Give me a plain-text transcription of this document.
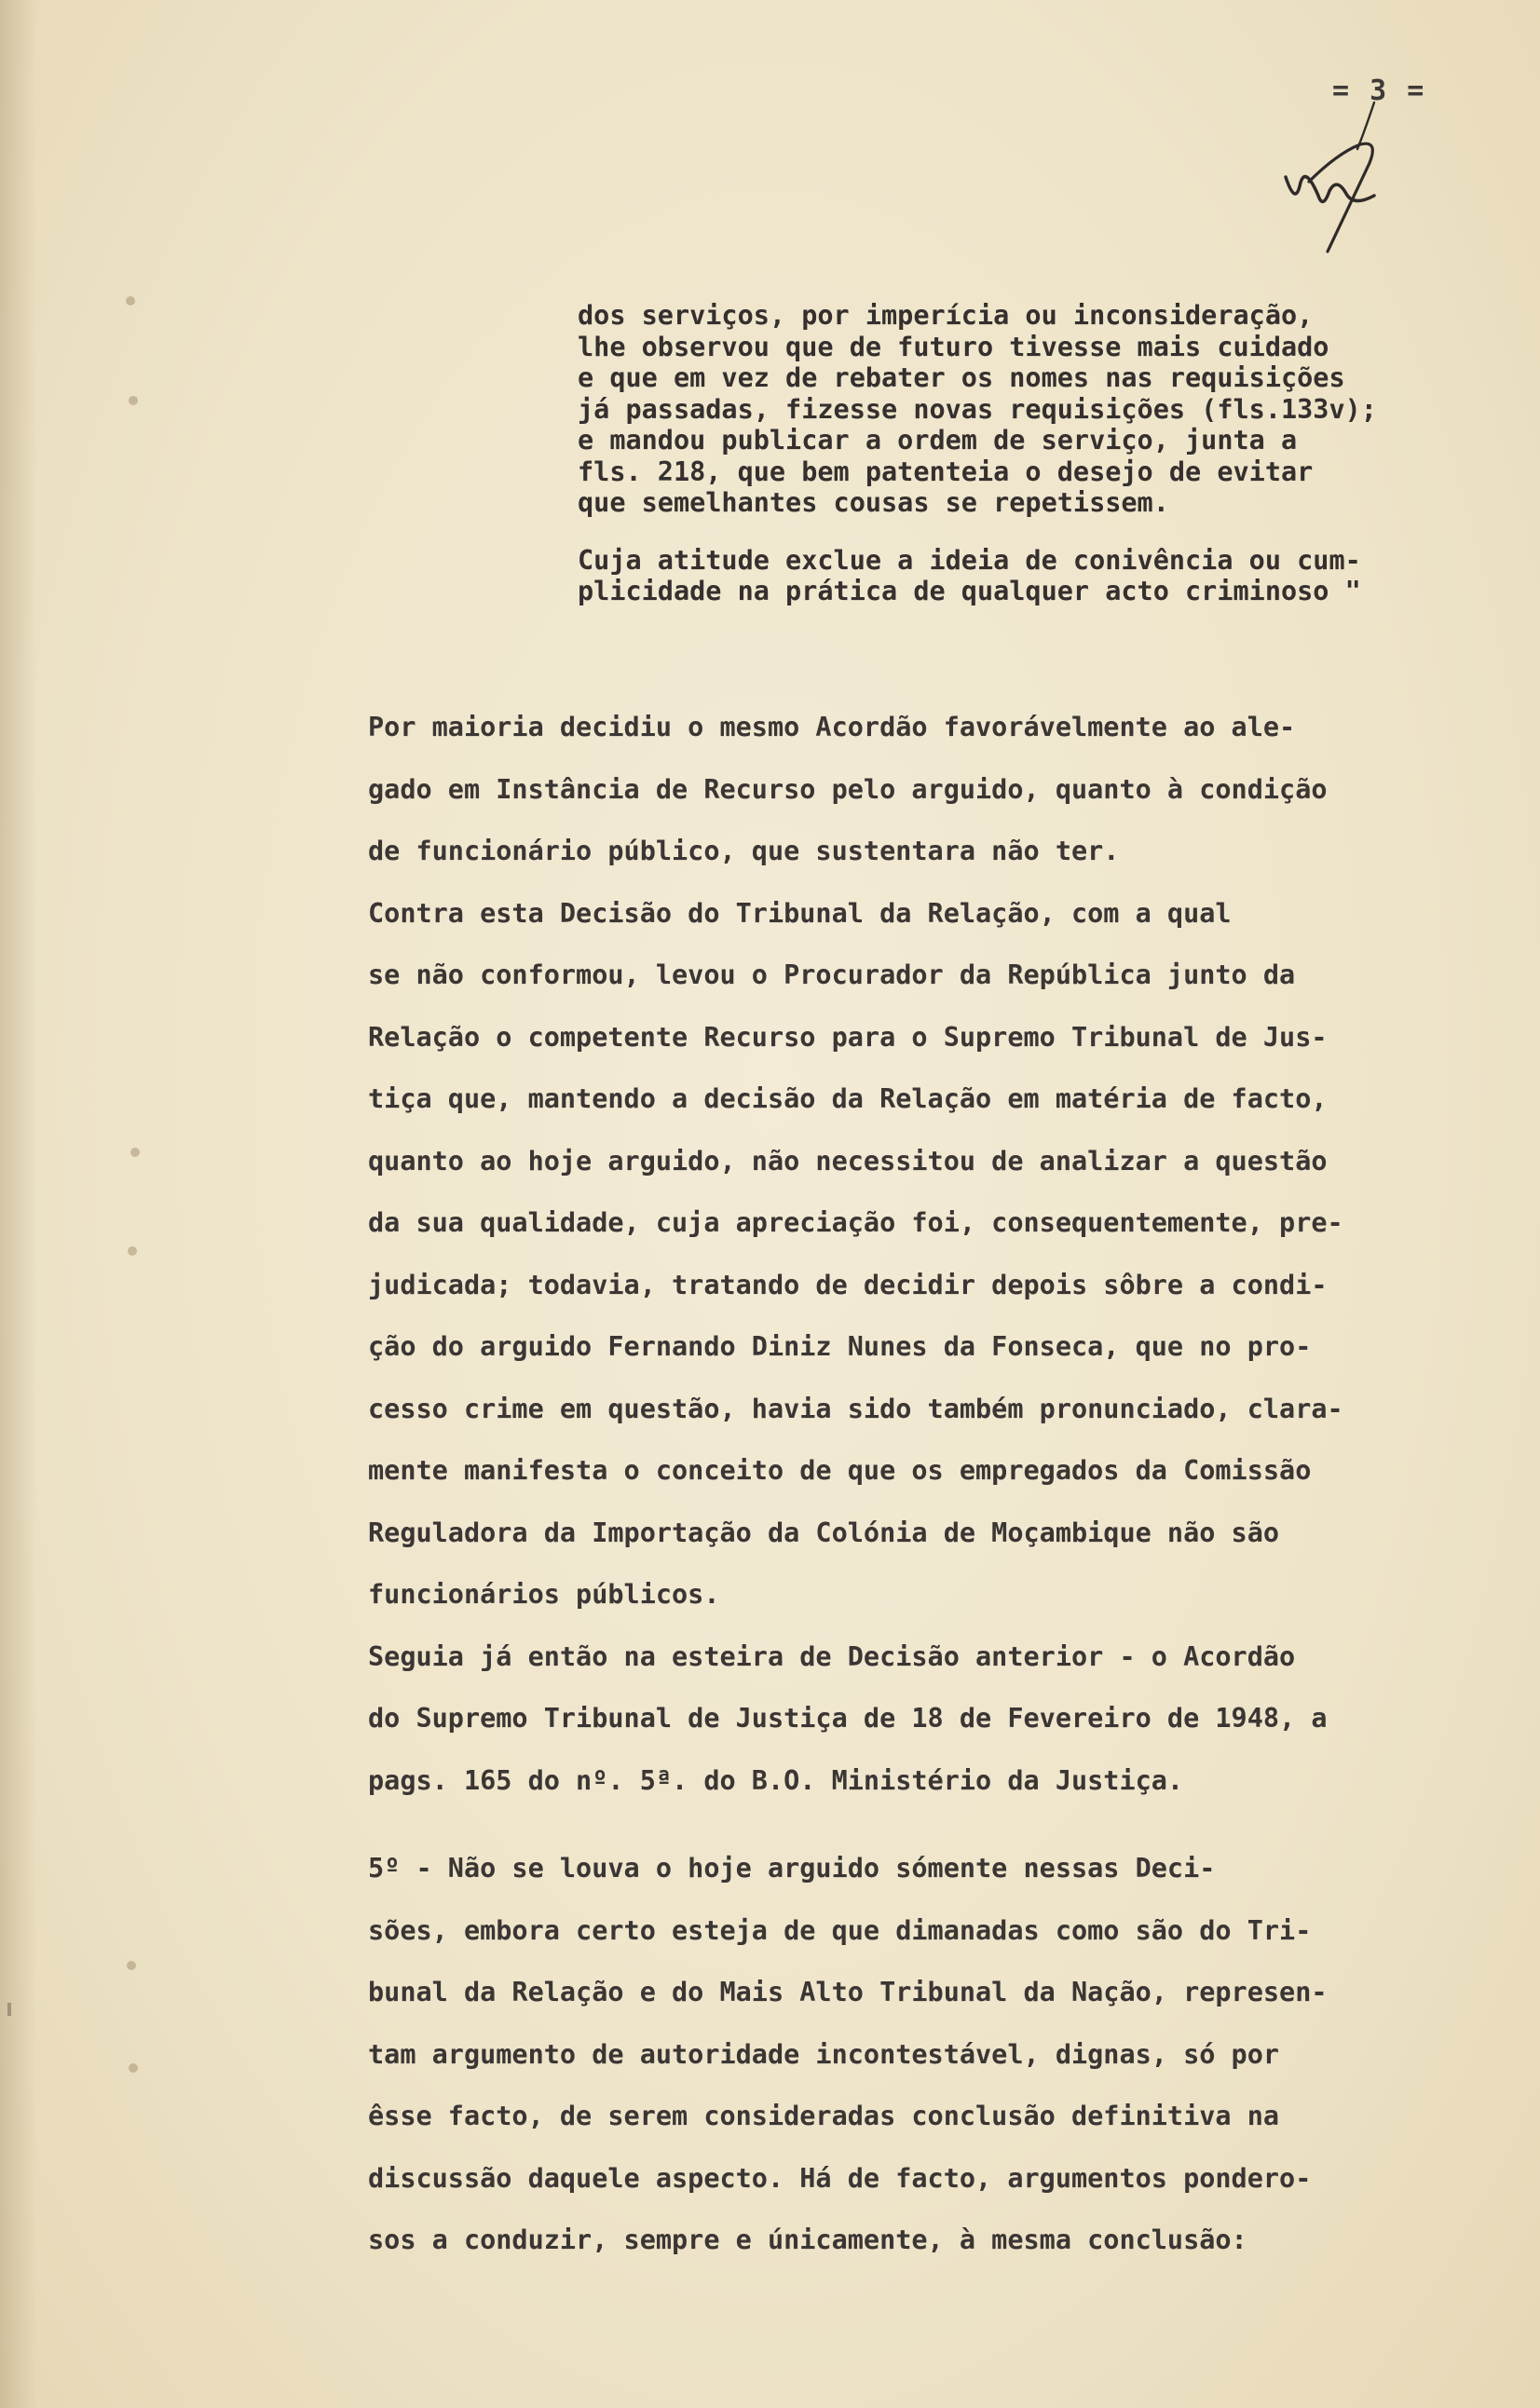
= 3 =
dos serviços, por imperícia ou inconsideração,
lhe observou que de futuro tivesse mais cuidado
e que em vez de rebater os nomes nas requisições
já passadas, fizesse novas requisições (fls.133v);
e mandou publicar a ordem de serviço, junta a
fls. 218, que bem patenteia o desejo de evitar
que semelhantes cousas se repetissem.
Cuja atitude exclue a ideia de conivência ou cum-
plicidade na prática de qualquer acto criminoso "
Por maioria decidiu o mesmo Acordão favorávelmente ao ale-
gado em Instância de Recurso pelo arguido, quanto à condição
de funcionário público, que sustentara não ter.
Contra esta Decisão do Tribunal da Relação, com a qual
se não conformou, levou o Procurador da República junto da
Relação o competente Recurso para o Supremo Tribunal de Jus-
tiça que, mantendo a decisão da Relação em matéria de facto,
quanto ao hoje arguido, não necessitou de analizar a questão
da sua qualidade, cuja apreciação foi, consequentemente, pre-
judicada; todavia, tratando de decidir depois sôbre a condi-
ção do arguido Fernando Diniz Nunes da Fonseca, que no pro-
cesso crime em questão, havia sido também pronunciado, clara-
mente manifesta o conceito de que os empregados da Comissão
Reguladora da Importação da Colónia de Moçambique não são
funcionários públicos.
Seguia já então na esteira de Decisão anterior - o Acordão
do Supremo Tribunal de Justiça de 18 de Fevereiro de 1948, a
pags. 165 do nº. 5ª. do B.O. Ministério da Justiça.
5º - Não se louva o hoje arguido sómente nessas Deci-
sões, embora certo esteja de que dimanadas como são do Tri-
bunal da Relação e do Mais Alto Tribunal da Nação, represen-
tam argumento de autoridade incontestável, dignas, só por
êsse facto, de serem consideradas conclusão definitiva na
discussão daquele aspecto. Há de facto, argumentos pondero-
sos a conduzir, sempre e únicamente, à mesma conclusão:
